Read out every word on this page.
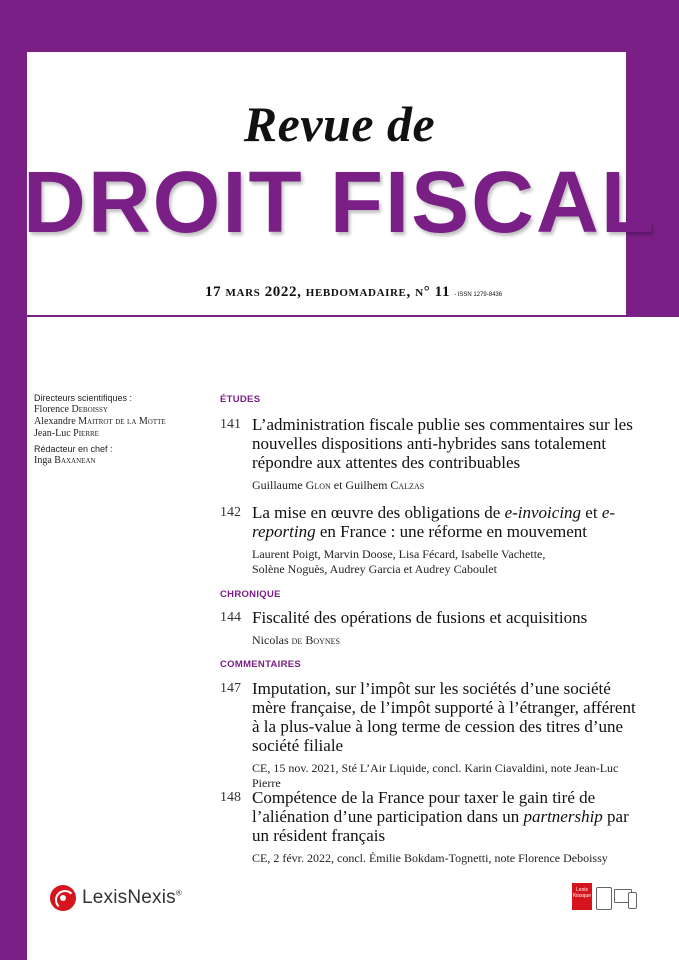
Revue de
DROIT FISCAL
17 mars 2022, hebdomadaire, n° 11 - ISSN 1279-8436
Directeurs scientifiques :
Florence Deboissy
Alexandre Maitrot de la Motte
Jean-Luc Pierre
Rédacteur en chef :
Inga Baxanean
ÉTUDES
141 L’administration fiscale publie ses commentaires sur les nouvelles dispositions anti-hybrides sans totalement répondre aux attentes des contribuables
Guillaume Glon et Guilhem Calzas
142 La mise en œuvre des obligations de e-invoicing et e-reporting en France : une réforme en mouvement
Laurent Poigt, Marvin Doose, Lisa Fécard, Isabelle Vachette,
Solène Noguès, Audrey Garcia et Audrey Caboulet
CHRONIQUE
144 Fiscalité des opérations de fusions et acquisitions
Nicolas de Boynes
COMMENTAIRES
147 Imputation, sur l’impôt sur les sociétés d’une société mère française, de l’impôt supporté à l’étranger, afférent à la plus-value à long terme de cession des titres d’une société filiale
CE, 15 nov. 2021, Sté L’Air Liquide, concl. Karin Ciavaldini, note Jean-Luc Pierre
148 Compétence de la France pour taxer le gain tiré de l’aliénation d’une participation dans un partnership par un résident français
CE, 2 févr. 2022, concl. Émilie Bokdam-Tognetti, note Florence Deboissy
LexisNexis®	Lexis
Kiosque
